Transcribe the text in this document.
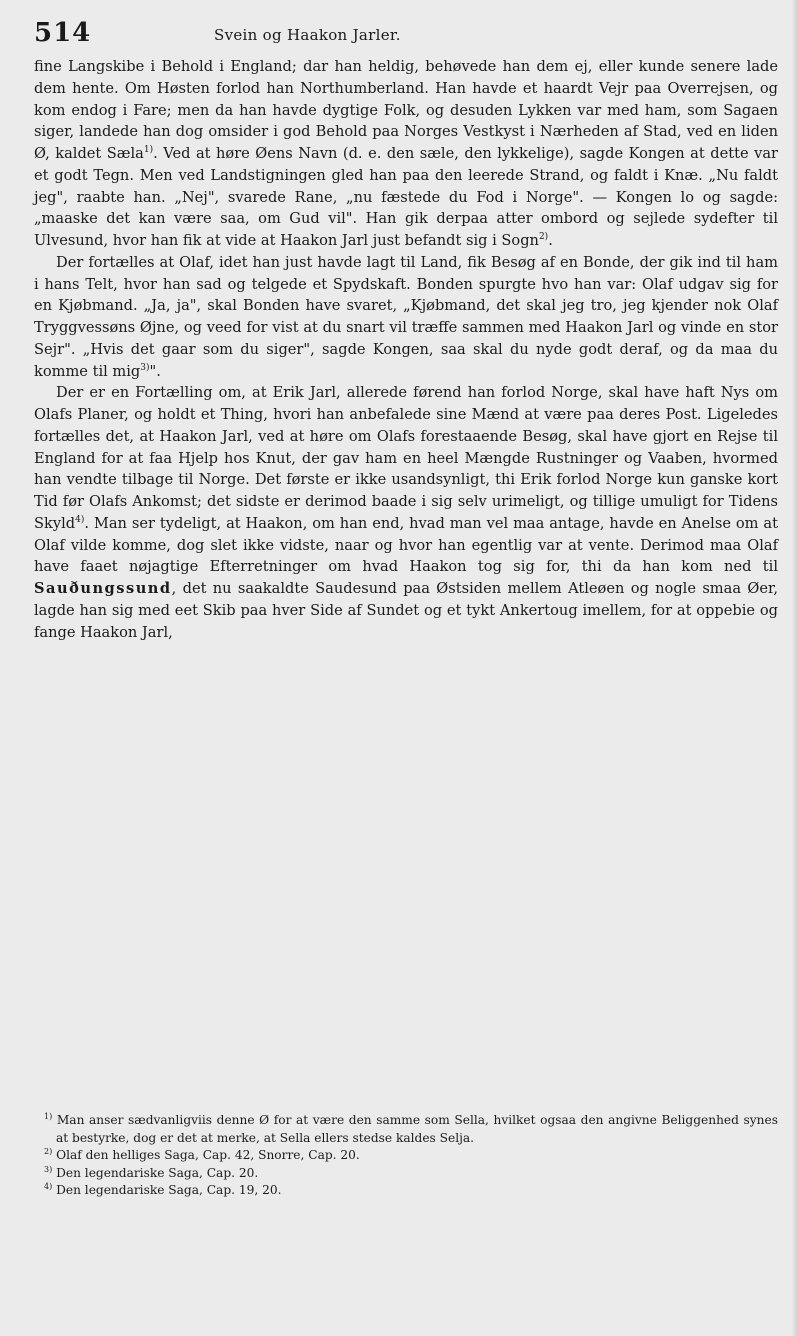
514	Svein og Haakon Jarler.

fine Langskibe i Behold i England; dar han heldig, behøvede han dem ej, eller kunde senere lade dem hente. Om Høsten forlod han Northumberland. Han havde et haardt Vejr paa Overrejsen, og kom endog i Fare; men da han havde dygtige Folk, og desuden Lykken var med ham, som Sagaen siger, landede han dog omsider i god Behold paa Norges Vestkyst i Nærheden af Stad, ved en liden Ø, kaldet Sæla$^{1)}$. Ved at høre Øens Navn (d. e. den sæle, den lykkelige), sagde Kongen at dette var et godt Tegn. Men ved Landstigningen gled han paa den leerede Strand, og faldt i Knæ. „Nu faldt jeg", raabte han. „Nej", svarede Rane, „nu fæstede du Fod i Norge". — Kongen lo og sagde: „maaske det kan være saa, om Gud vil". Han gik derpaa atter ombord og sejlede sydefter til Ulvesund, hvor han fik at vide at Haakon Jarl just befandt sig i Sogn$^{2)}$.

Der fortælles at Olaf, idet han just havde lagt til Land, fik Besøg af en Bonde, der gik ind til ham i hans Telt, hvor han sad og telgede et Spydskaft. Bonden spurgte hvo han var: Olaf udgav sig for en Kjøbmand. „Ja, ja", skal Bonden have svaret, „Kjøbmand, det skal jeg tro, jeg kjender nok Olaf Tryggvessøns Øjne, og veed for vist at du snart vil træffe sammen med Haakon Jarl og vinde en stor Sejr". „Hvis det gaar som du siger", sagde Kongen, saa skal du nyde godt deraf, og da maa du komme til mig$^{3)}$".

Der er en Fortælling om, at Erik Jarl, allerede førend han forlod Norge, skal have haft Nys om Olafs Planer, og holdt et Thing, hvori han anbefalede sine Mænd at være paa deres Post. Ligeledes fortælles det, at Haakon Jarl, ved at høre om Olafs forestaaende Besøg, skal have gjort en Rejse til England for at faa Hjelp hos Knut, der gav ham en heel Mængde Rustninger og Vaaben, hvormed han vendte tilbage til Norge. Det første er ikke usandsynligt, thi Erik forlod Norge kun ganske kort Tid før Olafs Ankomst; det sidste er derimod baade i sig selv urimeligt, og tillige umuligt for Tidens Skyld$^{4)}$. Man ser tydeligt, at Haakon, om han end, hvad man vel maa antage, havde en Anelse om at Olaf vilde komme, dog slet ikke vidste, naar og hvor han egentlig var at vente. Derimod maa Olaf have faaet nøjagtige Efterretninger om hvad Haakon tog sig for, thi da han kom ned til Sauðungssund, det nu saakaldte Saudesund paa Østsiden mellem Atleøen og nogle smaa Øer, lagde han sig med eet Skib paa hver Side af Sundet og et tykt Ankertoug imellem, for at oppebie og fange Haakon Jarl,

$^{1)}$ Man anser sædvanligviis denne Ø for at være den samme som Sella, hvilket ogsaa den angivne Beliggenhed synes at bestyrke, dog er det at merke, at Sella ellers stedse kaldes Selja.

$^{2)}$ Olaf den helliges Saga, Cap. 42, Snorre, Cap. 20.

$^{3)}$ Den legendariske Saga, Cap. 20.

$^{4)}$ Den legendariske Saga, Cap. 19, 20.
